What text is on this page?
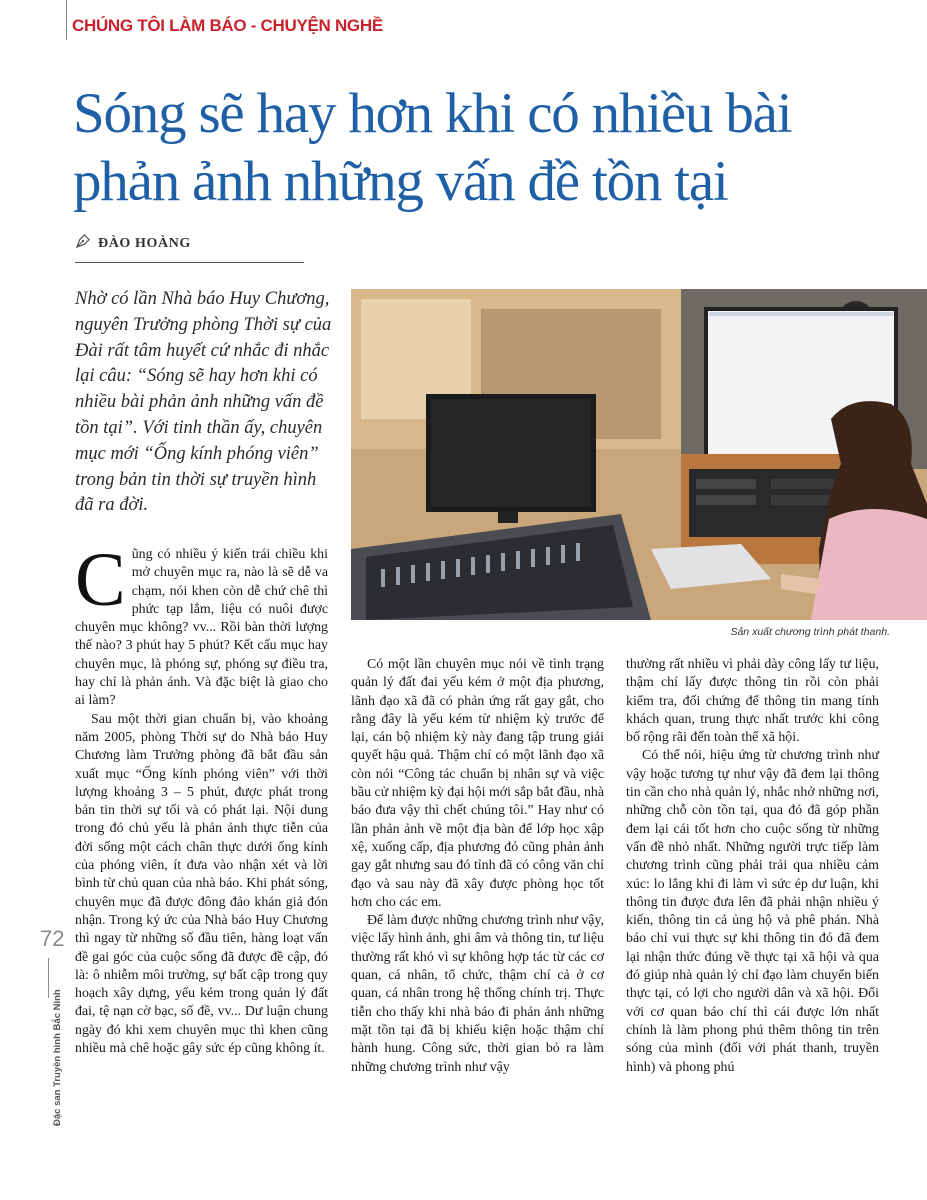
CHÚNG TÔI LÀM BÁO - CHUYỆN NGHỀ
Sóng sẽ hay hơn khi có nhiều bài
phản ảnh những vấn đề tồn tại
ĐÀO HOÀNG

Nhờ có lần Nhà báo Huy Chương, nguyên Trưởng phòng Thời sự của Đài rất tâm huyết cứ nhắc đi nhắc lại câu: “Sóng sẽ hay hơn khi có nhiều bài phản ảnh những vấn đề tồn tại”. Với tinh thần ấy, chuyên mục mới “Ống kính phóng viên” trong bản tin thời sự truyền hình đã ra đời.

Sản xuất chương trình phát thanh.

Cũng có nhiều ý kiến trái chiều khi mở chuyên mục ra, nào là sẽ dễ va chạm, nói khen còn dễ chứ chê thì phức tạp lắm, liệu có nuôi được chuyên mục không? vv... Rồi bàn thời lượng thế nào? 3 phút hay 5 phút? Kết cấu mục hay chuyên mục, là phóng sự, phóng sự điều tra, hay chỉ là phản ánh. Và đặc biệt là giao cho ai làm?

Sau một thời gian chuẩn bị, vào khoảng năm 2005, phòng Thời sự do Nhà báo Huy Chương làm Trưởng phòng đã bắt đầu sản xuất mục “Ống kính phóng viên” với thời lượng khoảng 3 – 5 phút, được phát trong bản tin thời sự tối và có phát lại. Nội dung trong đó chủ yếu là phản ảnh thực tiễn của đời sống một cách chân thực dưới ống kính của phóng viên, ít đưa vào nhận xét và lời bình từ chủ quan của nhà báo. Khi phát sóng, chuyên mục đã được đông đảo khán giả đón nhận. Trong ký ức của Nhà báo Huy Chương thì ngay từ những số đầu tiên, hàng loạt vấn đề gai góc của cuộc sống đã được đề cập, đó là: ô nhiễm môi trường, sự bất cập trong quy hoạch xây dựng, yếu kém trong quản lý đất đai, tệ nạn cờ bạc, số đề, vv... Dư luận chung ngày đó khi xem chuyên mục thì khen cũng nhiều mà chê hoặc gây sức ép cũng không ít.

Có một lần chuyên mục nói về tình trạng quản lý đất đai yếu kém ở một địa phương, lãnh đạo xã đã có phản ứng rất gay gắt, cho rằng đây là yếu kém từ nhiệm kỳ trước để lại, cán bộ nhiệm kỳ này đang tập trung giải quyết hậu quả. Thậm chí có một lãnh đạo xã còn nói “Công tác chuẩn bị nhân sự và việc bầu cử nhiệm kỳ đại hội mới sắp bắt đầu, nhà báo đưa vậy thì chết chúng tôi.” Hay như có lần phản ảnh về một địa bàn để lớp học xập xệ, xuống cấp, địa phương đó cũng phản ảnh gay gắt nhưng sau đó tỉnh đã có công văn chỉ đạo và sau này đã xây được phòng học tốt hơn cho các em.

Để làm được những chương trình như vậy, việc lấy hình ảnh, ghi âm và thông tin, tư liệu thường rất khó vì sự không hợp tác từ các cơ quan, cá nhân, tổ chức, thậm chí cả ở cơ quan, cá nhân trong hệ thống chính trị. Thực tiễn cho thấy khi nhà báo đi phản ảnh những mặt tồn tại đã bị khiếu kiện hoặc thậm chí hành hung. Công sức, thời gian bỏ ra làm những chương trình như vậy

thường rất nhiều vì phải dày công lấy tư liệu, thậm chí lấy được thông tin rồi còn phải kiểm tra, đối chứng để thông tin mang tính khách quan, trung thực nhất trước khi công bố rộng rãi đến toàn thể xã hội.

Có thể nói, hiệu ứng từ chương trình như vậy hoặc tương tự như vậy đã đem lại thông tin cần cho nhà quản lý, nhắc nhở những nơi, những chỗ còn tồn tại, qua đó đã góp phần đem lại cái tốt hơn cho cuộc sống từ những vấn đề nhỏ nhất. Những người trực tiếp làm chương trình cũng phải trải qua nhiều cảm xúc: lo lắng khi đi làm vì sức ép dư luận, khi thông tin được đưa lên đã phải nhận nhiều ý kiến, thông tin cả ủng hộ và phê phán. Nhà báo chỉ vui thực sự khi thông tin đó đã đem lại nhận thức đúng về thực tại xã hội và qua đó giúp nhà quản lý chỉ đạo làm chuyển biến thực tại, có lợi cho người dân và xã hội. Đối với cơ quan báo chí thì cái được lớn nhất chính là làm phong phú thêm thông tin trên sóng của mình (đối với phát thanh, truyền hình) và phong phú

72
Đặc san Truyền hình Bắc Ninh
